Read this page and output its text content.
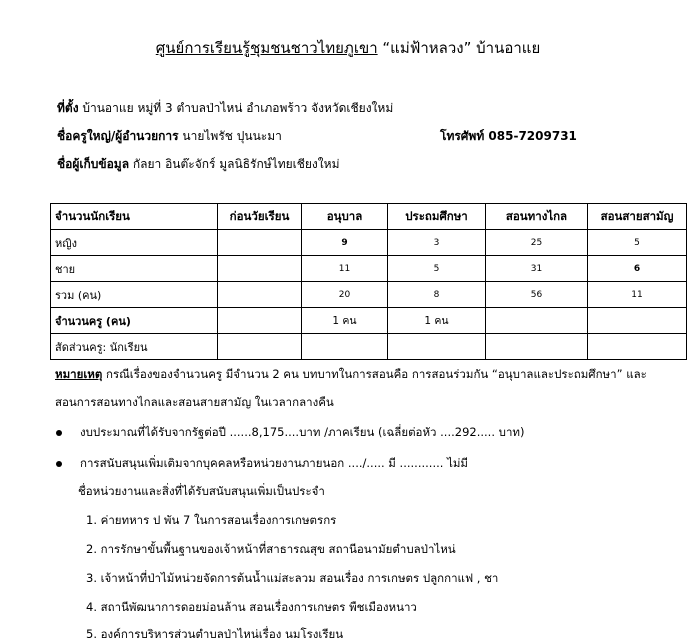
ศูนย์การเรียนรู้ชุมชนชาวไทยภูเขา “แม่ฟ้าหลวง” บ้านอาแย
ที่ตั้ง บ้านอาแย หมู่ที่ 3 ตำบลป่าไหน่ อำเภอพร้าว จังหวัดเชียงใหม่
ชื่อครูใหญ่/ผู้อำนวยการ นายไพรัช ปุนนะมา	โทรศัพท์ 085-7209731
ชื่อผู้เก็บข้อมูล กัลยา อินต๊ะจักร์ มูลนิธิรักษ์ไทยเชียงใหม่
จำนวนนักเรียน	ก่อนวัยเรียน	อนุบาล	ประถมศึกษา	สอนทางไกล	สอนสายสามัญ
หญิง		9	3	25	5
ชาย		11	5	31	6
รวม (คน)		20	8	56	11
จำนวนครู (คน)		1 คน	1 คน		
สัดส่วนครู: นักเรียน					
หมายเหตุ กรณีเรื่องของจำนวนครู มีจำนวน 2 คน บทบาทในการสอนคือ การสอนร่วมกัน “อนุบาลและประถมศึกษา” และ
สอนการสอนทางไกลและสอนสายสามัญ ในเวลากลางคืน
งบประมาณที่ได้รับจากรัฐต่อปี ......8,175....บาท /ภาคเรียน (เฉลี่ยต่อหัว ....292..... บาท)
การสนับสนุนเพิ่มเติมจากบุคคลหรือหน่วยงานภายนอก ..../..... มี ............ ไม่มี
ชื่อหน่วยงานและสิ่งที่ได้รับสนับสนุนเพิ่มเป็นประจำ
1. ค่ายทหาร ป พัน 7 ในการสอนเรื่องการเกษตรกร
2. การรักษาขั้นพื้นฐานของเจ้าหน้าที่สาธารณสุข สถานีอนามัยตำบลป่าไหน่
3. เจ้าหน้าที่ป่าไม้หน่วยจัดการต้นน้ำแม่สะลวม สอนเรื่อง การเกษตร ปลูกกาแฟ , ชา
4. สถานีพัฒนาการดอยม่อนล้าน สอนเรื่องการเกษตร พืชเมืองหนาว
5. องค์การบริหารส่วนตำบลป่าไหน่เรื่อง นมโรงเรียน
